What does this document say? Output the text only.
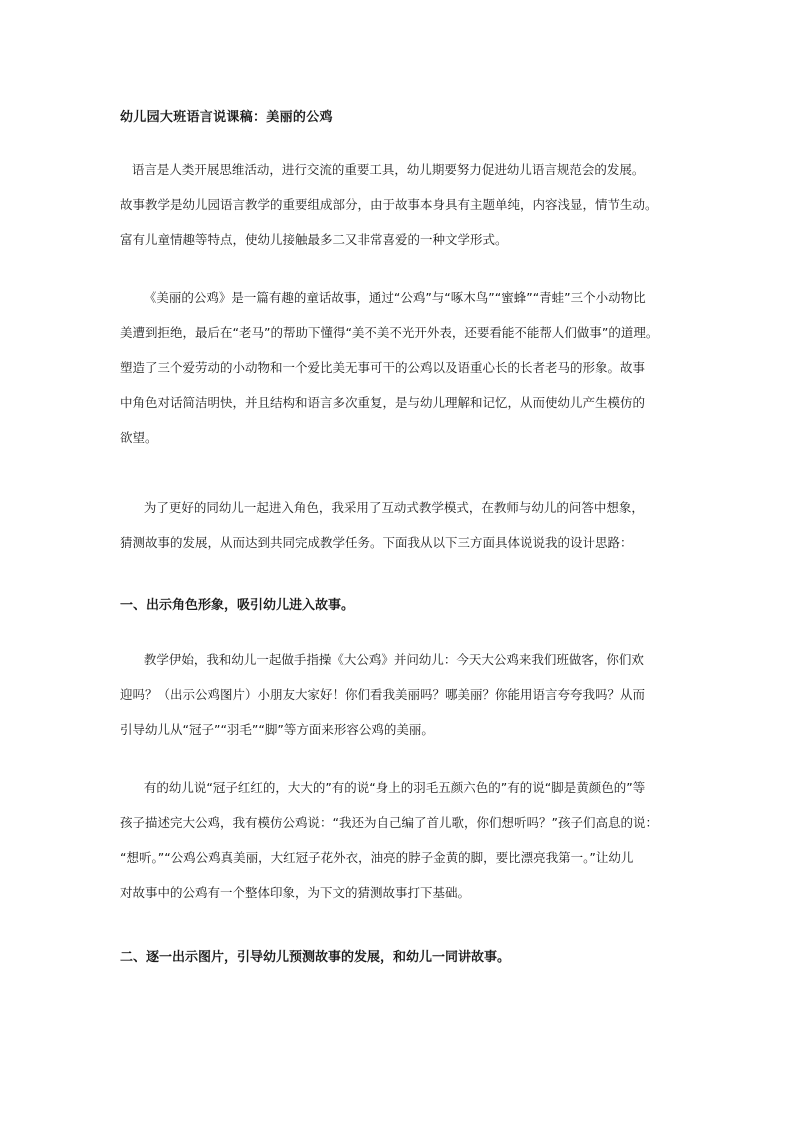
幼儿园大班语言说课稿：美丽的公鸡
语言是人类开展思维活动，进行交流的重要工具，幼儿期要努力促进幼儿语言规范会的发展。
故事教学是幼儿园语言教学的重要组成部分，由于故事本身具有主题单纯，内容浅显，情节生动。
富有儿童情趣等特点，使幼儿接触最多二又非常喜爱的一种文学形式。
《美丽的公鸡》是一篇有趣的童话故事，通过“公鸡”与“啄木鸟”“蜜蜂”“青蛙”三个小动物比
美遭到拒绝，最后在“老马”的帮助下懂得“美不美不光开外表，还要看能不能帮人们做事”的道理。
塑造了三个爱劳动的小动物和一个爱比美无事可干的公鸡以及语重心长的长者老马的形象。故事
中角色对话简洁明快，并且结构和语言多次重复，是与幼儿理解和记忆，从而使幼儿产生模仿的
欲望。
为了更好的同幼儿一起进入角色，我采用了互动式教学模式，在教师与幼儿的问答中想象，
猜测故事的发展，从而达到共同完成教学任务。下面我从以下三方面具体说说我的设计思路：
一、出示角色形象，吸引幼儿进入故事。
教学伊始，我和幼儿一起做手指操《大公鸡》并问幼儿：今天大公鸡来我们班做客，你们欢
迎吗？（出示公鸡图片）小朋友大家好！你们看我美丽吗？哪美丽？你能用语言夸夸我吗？从而
引导幼儿从“冠子”“羽毛”“脚”等方面来形容公鸡的美丽。
有的幼儿说“冠子红红的，大大的”有的说“身上的羽毛五颜六色的”有的说“脚是黄颜色的”等
孩子描述完大公鸡，我有模仿公鸡说：“我还为自己编了首儿歌，你们想听吗？”孩子们高息的说：
“想听。”“公鸡公鸡真美丽，大红冠子花外衣，油亮的脖子金黄的脚，要比漂亮我第一。”让幼儿
对故事中的公鸡有一个整体印象，为下文的猜测故事打下基础。
二、逐一出示图片，引导幼儿预测故事的发展，和幼儿一同讲故事。
